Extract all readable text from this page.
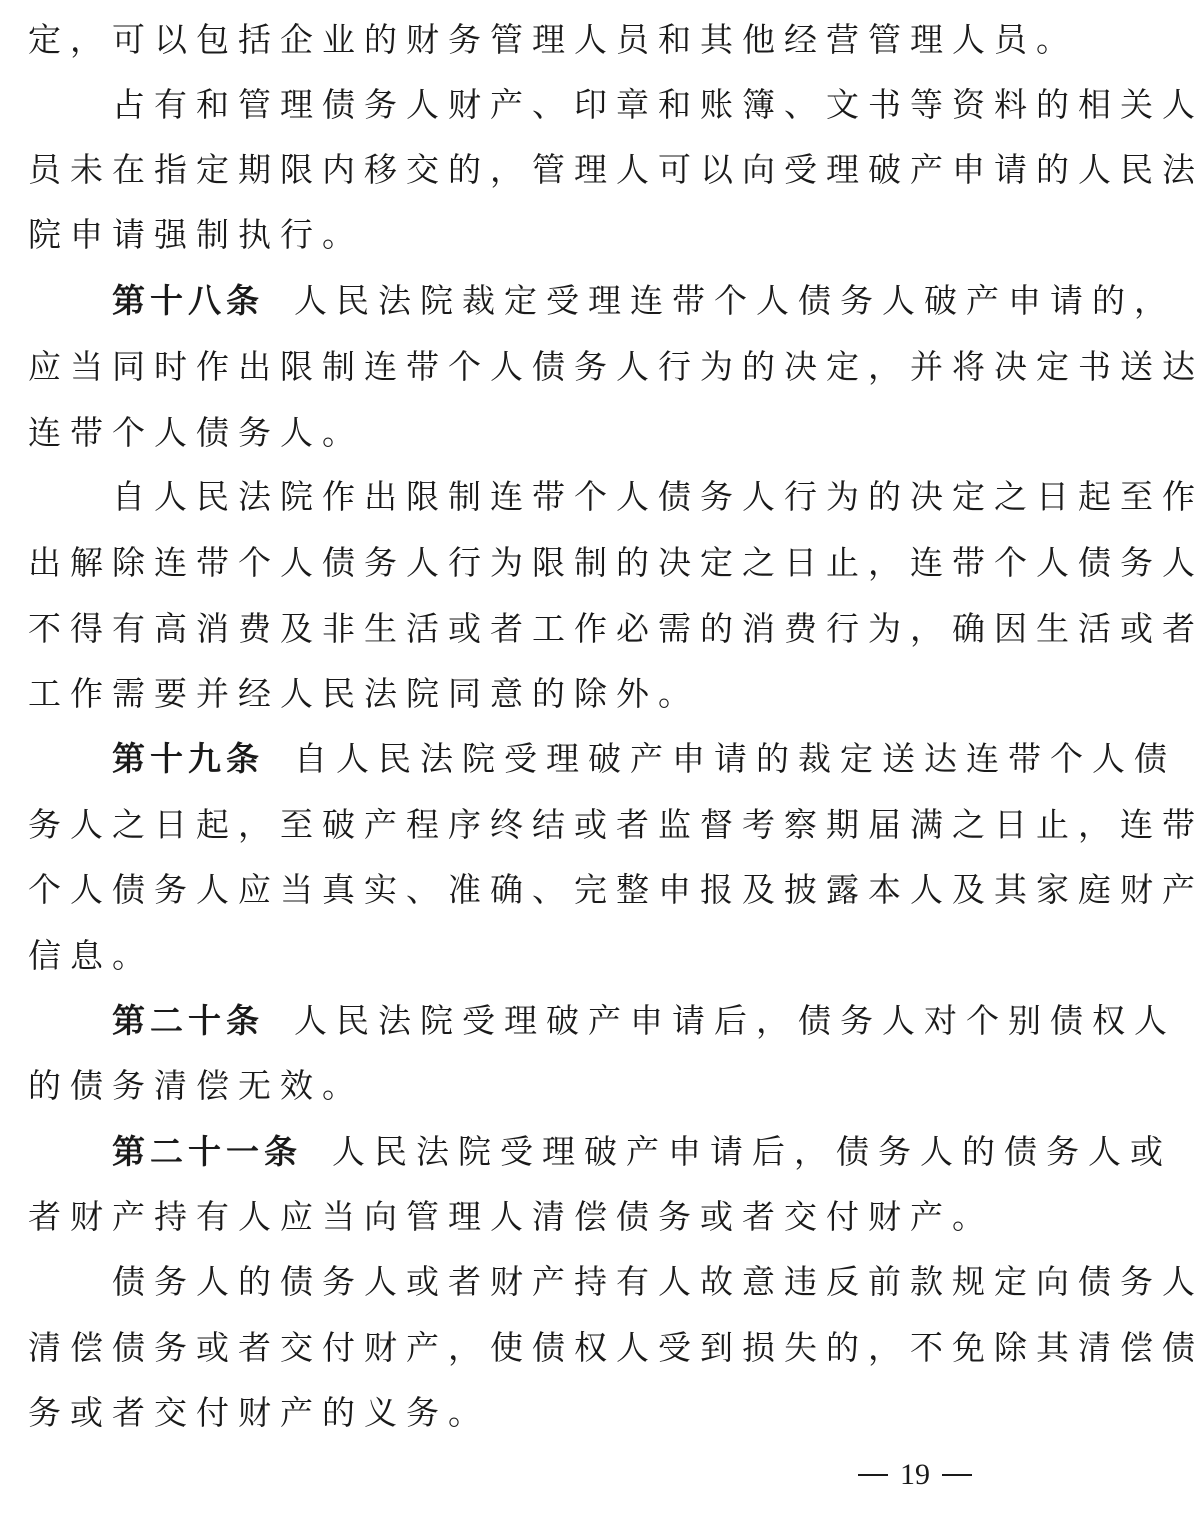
定，可以包括企业的财务管理人员和其他经营管理人员。
　　占有和管理债务人财产、印章和账簿、文书等资料的相关人
员未在指定期限内移交的，管理人可以向受理破产申请的人民法
院申请强制执行。
　　第十八条 人民法院裁定受理连带个人债务人破产申请的，
应当同时作出限制连带个人债务人行为的决定，并将决定书送达
连带个人债务人。
　　自人民法院作出限制连带个人债务人行为的决定之日起至作
出解除连带个人债务人行为限制的决定之日止，连带个人债务人
不得有高消费及非生活或者工作必需的消费行为，确因生活或者
工作需要并经人民法院同意的除外。
　　第十九条 自人民法院受理破产申请的裁定送达连带个人债
务人之日起，至破产程序终结或者监督考察期届满之日止，连带
个人债务人应当真实、准确、完整申报及披露本人及其家庭财产
信息。
　　第二十条 人民法院受理破产申请后，债务人对个别债权人
的债务清偿无效。
　　第二十一条 人民法院受理破产申请后，债务人的债务人或
者财产持有人应当向管理人清偿债务或者交付财产。
　　债务人的债务人或者财产持有人故意违反前款规定向债务人
清偿债务或者交付财产，使债权人受到损失的，不免除其清偿债
务或者交付财产的义务。
19
